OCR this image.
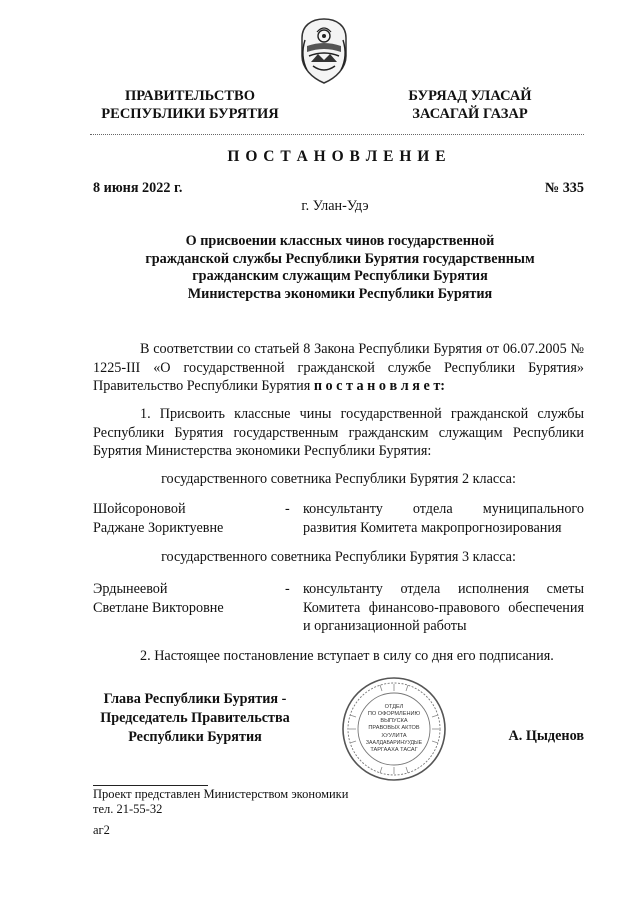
ПРАВИТЕЛЬСТВО
РЕСПУБЛИКИ БУРЯТИЯ
БУРЯАД УЛАСАЙ
ЗАСАГАЙ ГАЗАР
П О С Т А Н О В Л Е Н И Е
8 июня 2022 г.	№ 335
г. Улан-Удэ
О присвоении классных чинов государственной
гражданской службы Республики Бурятия государственным
гражданским служащим Республики Бурятия
Министерства экономики Республики Бурятия
В соответствии со статьей 8 Закона Республики Бурятия от 06.07.2005 № 1225-III «О государственной гражданской службе Республики Бурятия» Правительство Республики Бурятия п о с т а н о в л я е т:
1. Присвоить классные чины государственной гражданской службы Республики Бурятия государственным гражданским служащим Республики Бурятия Министерства экономики Республики Бурятия:
государственного советника Республики Бурятия 2 класса:
Шойсороновой
Раджане Зориктуевне
- консультанту отдела муниципального развития Комитета макропрогнозирования
государственного советника Республики Бурятия 3 класса:
Эрдынеевой
Светлане Викторовне
- консультанту отдела исполнения сметы Комитета финансово-правового обеспечения и организационной работы
2. Настоящее постановление вступает в силу со дня его подписания.
Глава Республики Бурятия -
Председатель Правительства
Республики Бурятия
ОТДЕЛ
ПО ОФОРМЛЕНИЮ
ВЫПУСКА
ПРАВОВЫХ АКТОВ
ХУУЛИТА
ЗААЛДАБАРИНУУДЫЕ
ТАРГААХА ТАСАГ
А. Цыденов
Проект представлен Министерством экономики
тел. 21-55-32
аг2
